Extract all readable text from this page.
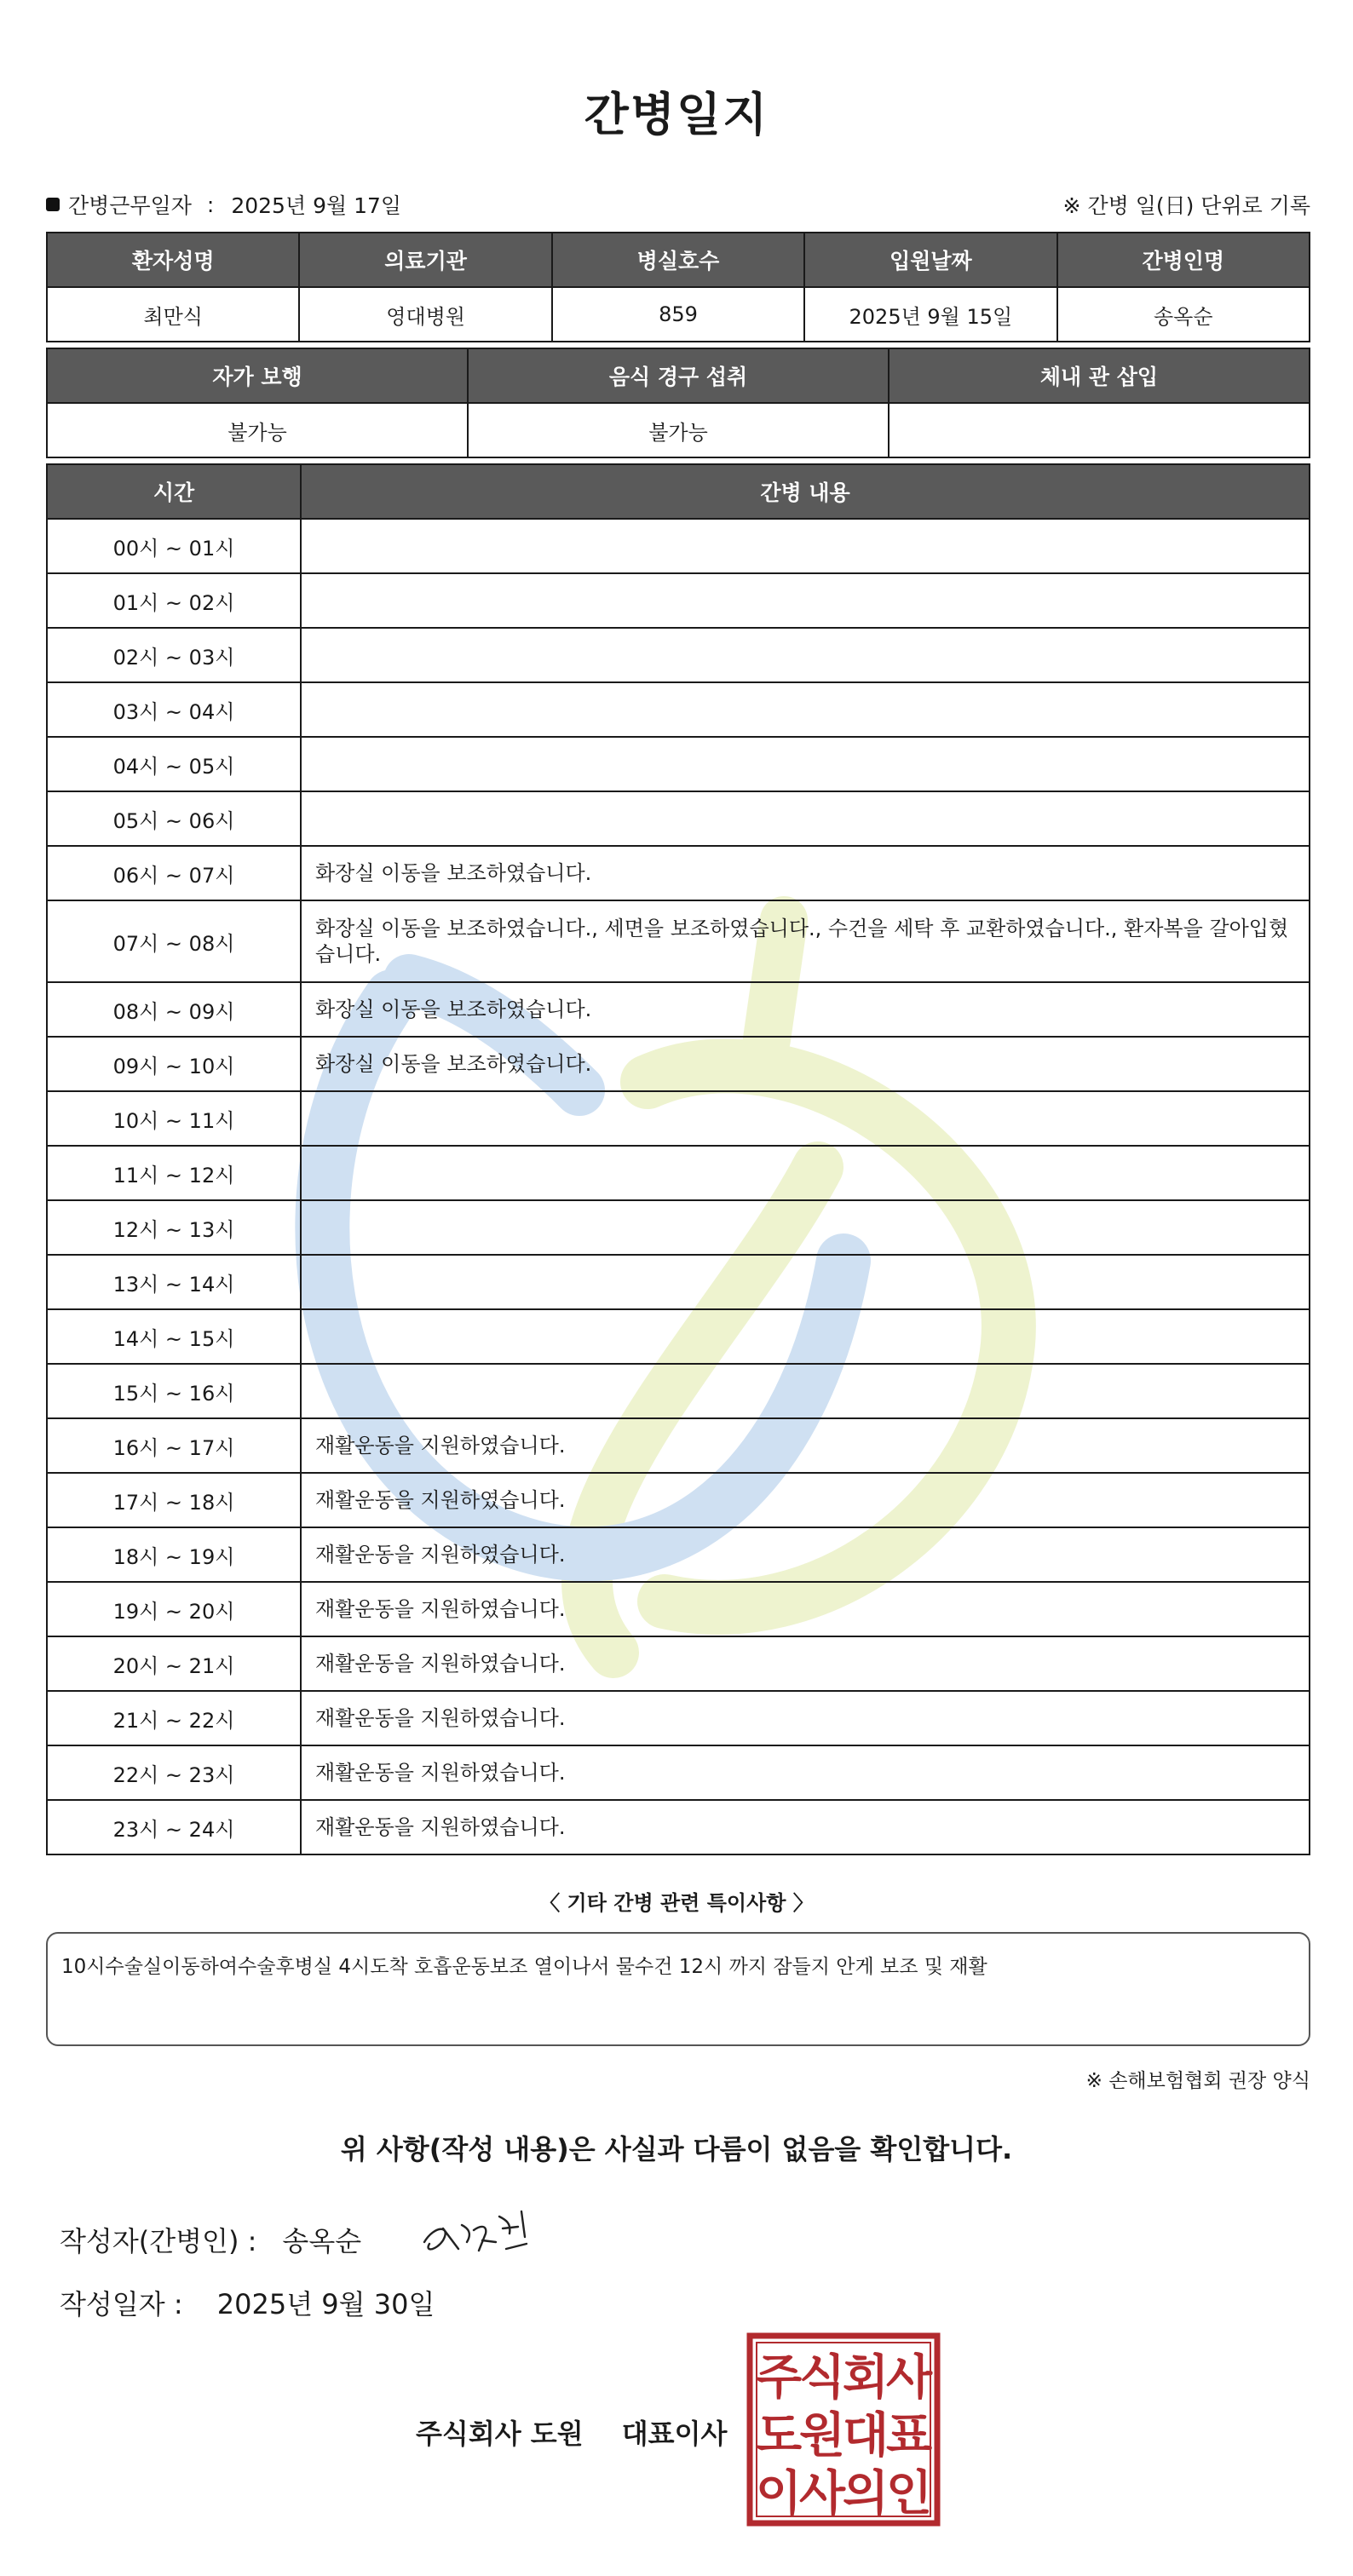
간병일지
간병근무일자 : 2025년 9월 17일	※ 간병 일(日) 단위로 기록
환자성명	의료기관	병실호수	입원날짜	간병인명
최만식	영대병원	859	2025년 9월 15일	송옥순
자가 보행	음식 경구 섭취	체내 관 삽입
불가능	불가능	
시간	간병 내용
00시 ~ 01시	
01시 ~ 02시	
02시 ~ 03시	
03시 ~ 04시	
04시 ~ 05시	
05시 ~ 06시	
06시 ~ 07시	화장실 이동을 보조하였습니다.
07시 ~ 08시	화장실 이동을 보조하였습니다., 세면을 보조하였습니다., 수건을 세탁 후 교환하였습니다., 환자복을 갈아입혔습니다.
08시 ~ 09시	화장실 이동을 보조하였습니다.
09시 ~ 10시	화장실 이동을 보조하였습니다.
10시 ~ 11시	
11시 ~ 12시	
12시 ~ 13시	
13시 ~ 14시	
14시 ~ 15시	
15시 ~ 16시	
16시 ~ 17시	재활운동을 지원하였습니다.
17시 ~ 18시	재활운동을 지원하였습니다.
18시 ~ 19시	재활운동을 지원하였습니다.
19시 ~ 20시	재활운동을 지원하였습니다.
20시 ~ 21시	재활운동을 지원하였습니다.
21시 ~ 22시	재활운동을 지원하였습니다.
22시 ~ 23시	재활운동을 지원하였습니다.
23시 ~ 24시	재활운동을 지원하였습니다.
〈 기타 간병 관련 특이사항 〉
10시수술실이동하여수술후병실 4시도착 호흡운동보조 열이나서 물수건 12시 까지 잠들지 안게 보조 및 재활
※ 손해보험협회 권장 양식
위 사항(작성 내용)은 사실과 다름이 없음을 확인합니다.
작성자(간병인) : 송옥순
작성일자 : 2025년 9월 30일
주식회사 도원 대표이사
주
식
회
사
도
원
대
표
이
사
의
인
